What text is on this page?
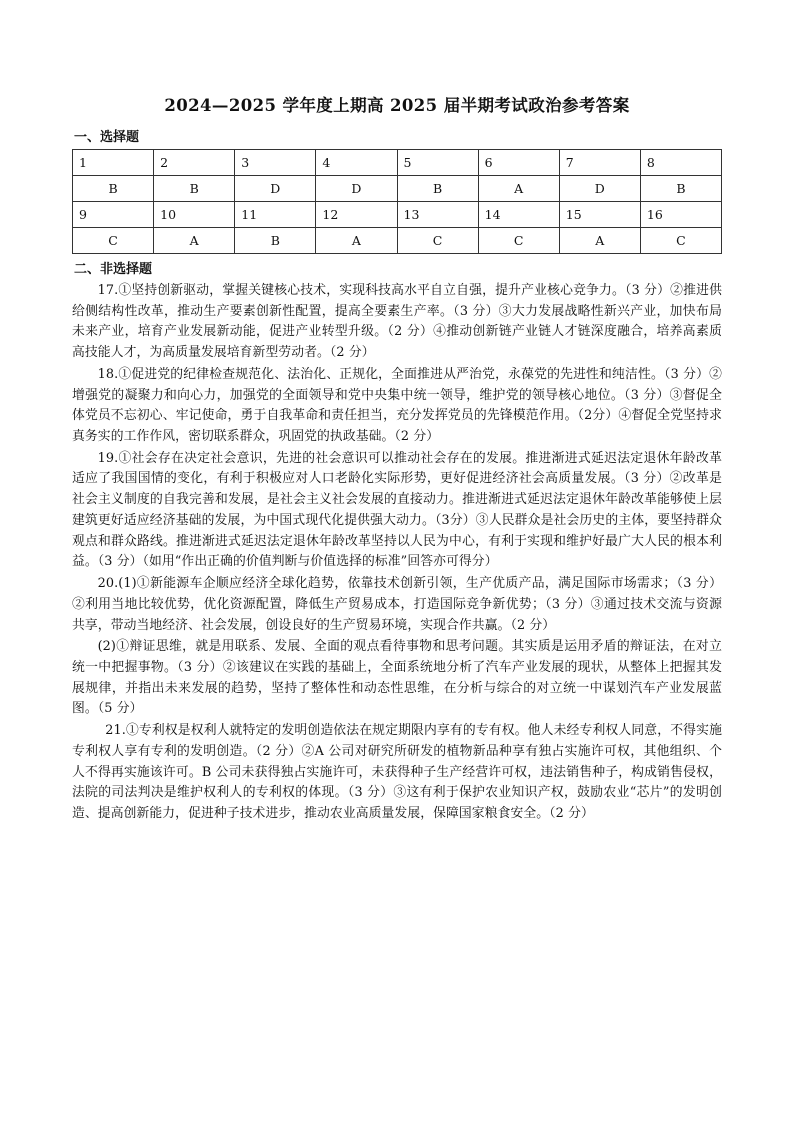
2024—2025 学年度上期高 2025 届半期考试政治参考答案
一、选择题
1	2	3	4	5	6	7	8
B	B	D	D	B	A	D	B
9	10	11	12	13	14	15	16
C	A	B	A	C	C	A	C
二、非选择题

17.①坚持创新驱动，掌握关键核心技术，实现科技高水平自立自强，提升产业核心竞争力。（3 分）②推进供给侧结构性改革，推动生产要素创新性配置，提高全要素生产率。（3 分）③大力发展战略性新兴产业，加快布局未来产业，培育产业发展新动能，促进产业转型升级。（2 分）④推动创新链产业链人才链深度融合，培养高素质高技能人才，为高质量发展培育新型劳动者。（2 分）

18.①促进党的纪律检查规范化、法治化、正规化，全面推进从严治党，永葆党的先进性和纯洁性。（3 分）②增强党的凝聚力和向心力，加强党的全面领导和党中央集中统一领导，维护党的领导核心地位。（3 分）③督促全体党员不忘初心、牢记使命，勇于自我革命和责任担当，充分发挥党员的先锋模范作用。（2分）④督促全党坚持求真务实的工作作风，密切联系群众，巩固党的执政基础。（2 分）

19.①社会存在决定社会意识，先进的社会意识可以推动社会存在的发展。推进渐进式延迟法定退休年龄改革适应了我国国情的变化，有利于积极应对人口老龄化实际形势，更好促进经济社会高质量发展。（3 分）②改革是社会主义制度的自我完善和发展，是社会主义社会发展的直接动力。推进渐进式延迟法定退休年龄改革能够使上层建筑更好适应经济基础的发展，为中国式现代化提供强大动力。（3分）③人民群众是社会历史的主体，要坚持群众观点和群众路线。推进渐进式延迟法定退休年龄改革坚持以人民为中心，有利于实现和维护好最广大人民的根本利益。（3 分）（如用“作出正确的价值判断与价值选择的标准”回答亦可得分）

20.(1)①新能源车企顺应经济全球化趋势，依靠技术创新引领，生产优质产品，满足国际市场需求；（3 分）②利用当地比较优势，优化资源配置，降低生产贸易成本，打造国际竞争新优势；（3 分）③通过技术交流与资源共享，带动当地经济、社会发展，创设良好的生产贸易环境，实现合作共赢。（2 分）

(2)①辩证思维，就是用联系、发展、全面的观点看待事物和思考问题。其实质是运用矛盾的辩证法，在对立统一中把握事物。（3 分）②该建议在实践的基础上，全面系统地分析了汽车产业发展的现状，从整体上把握其发展规律，并指出未来发展的趋势，坚持了整体性和动态性思维，在分析与综合的对立统一中谋划汽车产业发展蓝图。（5 分）

21.①专利权是权利人就特定的发明创造依法在规定期限内享有的专有权。他人未经专利权人同意，不得实施专利权人享有专利的发明创造。（2 分）②A 公司对研究所研发的植物新品种享有独占实施许可权，其他组织、个人不得再实施该许可。B 公司未获得独占实施许可，未获得种子生产经营许可权，违法销售种子，构成销售侵权，法院的司法判决是维护权利人的专利权的体现。（3 分）③这有利于保护农业知识产权，鼓励农业“芯片”的发明创造、提高创新能力，促进种子技术进步，推动农业高质量发展，保障国家粮食安全。（2 分）
